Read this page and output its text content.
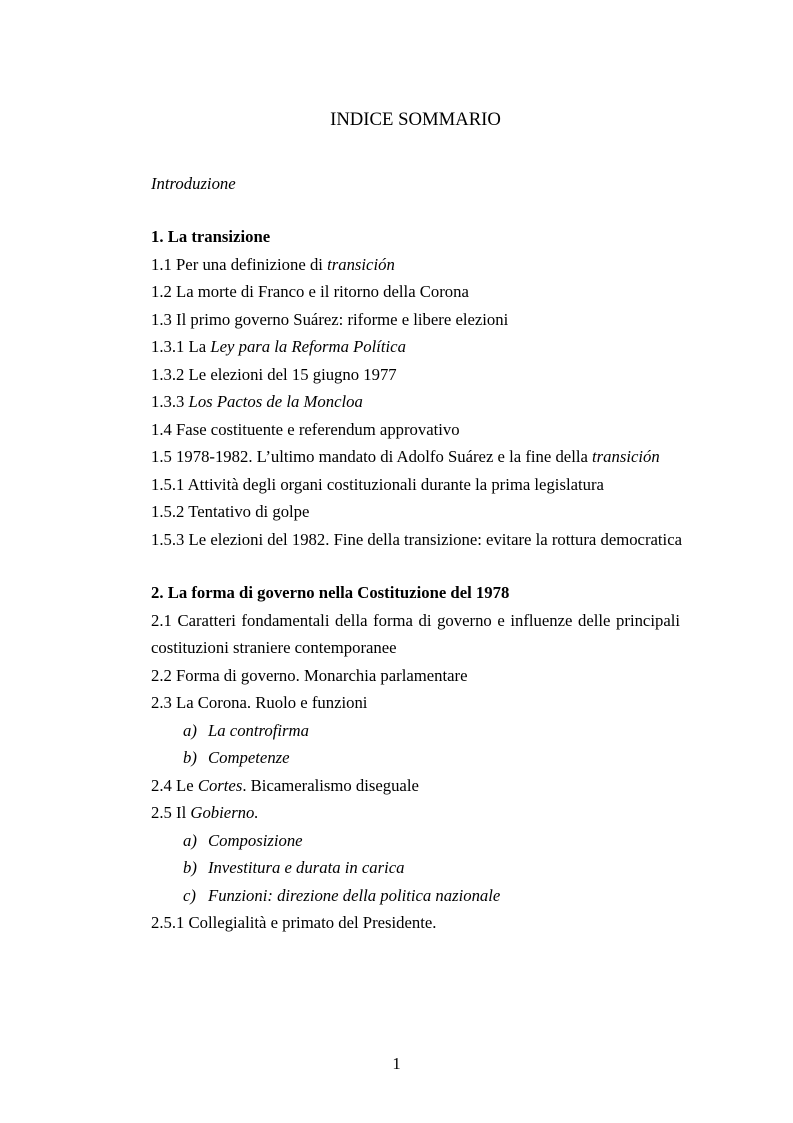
INDICE SOMMARIO
Introduzione
1. La transizione
1.1 Per una definizione di transición
1.2 La morte di Franco e il ritorno della Corona
1.3 Il primo governo Suárez: riforme e libere elezioni
1.3.1 La Ley para la Reforma Política
1.3.2 Le elezioni del 15 giugno 1977
1.3.3 Los Pactos de la Moncloa
1.4 Fase costituente e referendum approvativo
1.5 1978-1982. L’ultimo mandato di Adolfo Suárez e la fine della transición
1.5.1 Attività degli organi costituzionali durante la prima legislatura
1.5.2 Tentativo di golpe
1.5.3 Le elezioni del 1982. Fine della transizione: evitare la rottura democratica
2. La forma di governo nella Costituzione del 1978
2.1 Caratteri fondamentali della forma di governo e influenze delle principali
costituzioni straniere contemporanee
2.2 Forma di governo. Monarchia parlamentare
2.3 La Corona. Ruolo e funzioni
a) La controfirma
b) Competenze
2.4 Le Cortes. Bicameralismo diseguale
2.5 Il Gobierno.
a) Composizione
b) Investitura e durata in carica
c) Funzioni: direzione della politica nazionale
2.5.1 Collegialità e primato del Presidente.
1
